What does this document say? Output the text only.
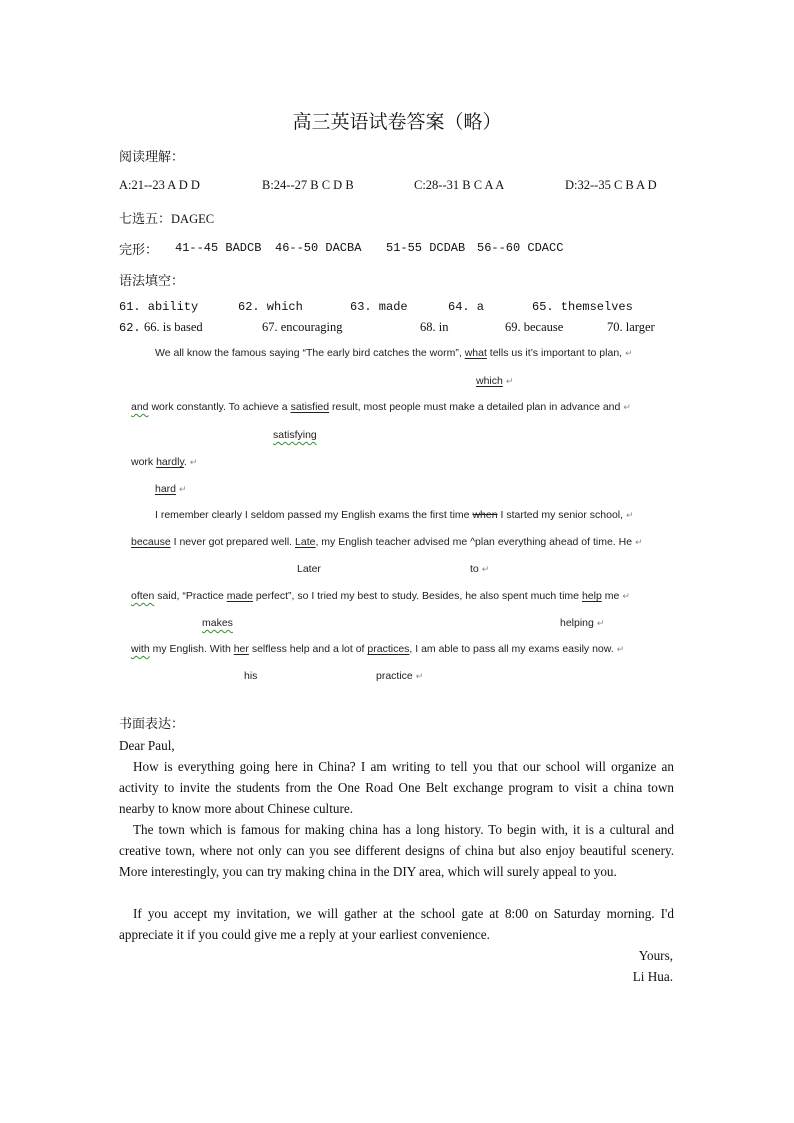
高三英语试卷答案（略）
阅读理解：
A:21--23 A D D	B:24--27 B C D B	C:28--31 B C A A	D:32--35 C B A D
七选五：DAGEC
完形： 41--45 BADCB 46--50 DACBA 51-55 DCDAB 56--60 CDACC
语法填空：
61. ability	62. which	63. made	64. a	65. themselves
62. 66. is based	67. encouraging	68. in	69. because	70. larger
We all know the famous saying “The early bird catches the worm”, what tells us it’s important to plan, ↵
which ↵
and work constantly. To achieve a satisfied result, most people must make a detailed plan in advance and ↵
satisfying
work hardly. ↵
hard ↵
I remember clearly I seldom passed my English exams the first time when I started my senior school, ↵
because I never got prepared well. Late, my English teacher advised me ^plan everything ahead of time. He ↵
Later	to ↵
often said, “Practice made perfect”, so I tried my best to study. Besides, he also spent much time help me ↵
makes	helping ↵
with my English. With her selfless help and a lot of practices, I am able to pass all my exams easily now. ↵
his	practice ↵
书面表达：
Dear Paul,
How is everything going here in China? I am writing to tell you that our school will organize an activity to invite the students from the One Road One Belt exchange program to visit a china town nearby to know more about Chinese culture.
The town which is famous for making china has a long history. To begin with, it is a cultural and creative town, where not only can you see different designs of china but also enjoy beautiful scenery. More interestingly, you can try making china in the DIY area, which will surely appeal to you.
If you accept my invitation, we will gather at the school gate at 8:00 on Saturday morning. I'd appreciate it if you could give me a reply at your earliest convenience.
Yours,
Li Hua.
